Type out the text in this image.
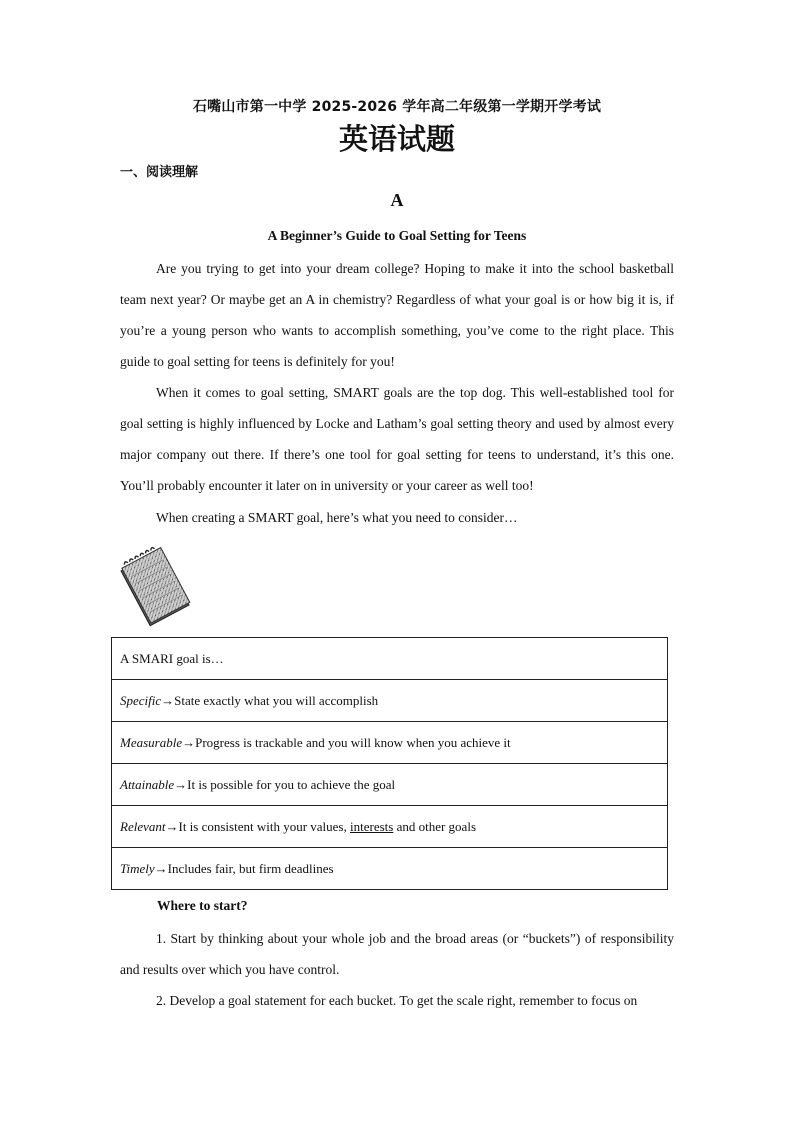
石嘴山市第一中学 2025-2026 学年高二年级第一学期开学考试
英语试题
一、阅读理解
A
A Beginner’s Guide to Goal Setting for Teens

Are you trying to get into your dream college? Hoping to make it into the school basketball team next year? Or maybe get an A in chemistry? Regardless of what your goal is or how big it is, if you’re a young person who wants to accomplish something, you’ve come to the right place. This guide to goal setting for teens is definitely for you!

When it comes to goal setting, SMART goals are the top dog. This well-established tool for goal setting is highly influenced by Locke and Latham’s goal setting theory and used by almost every major company out there. If there’s one tool for goal setting for teens to understand, it’s this one. You’ll probably encounter it later on in university or your career as well too!

When creating a SMART goal, here’s what you need to consider…

A SMARI goal is…
Specific→State exactly what you will accomplish
Measurable→Progress is trackable and you will know when you achieve it
Attainable→It is possible for you to achieve the goal
Relevant→It is consistent with your values, interests and other goals
Timely→Includes fair, but firm deadlines
Where to start?

1. Start by thinking about your whole job and the broad areas (or “buckets”) of responsibility and results over which you have control.

2. Develop a goal statement for each bucket. To get the scale right, remember to focus on
